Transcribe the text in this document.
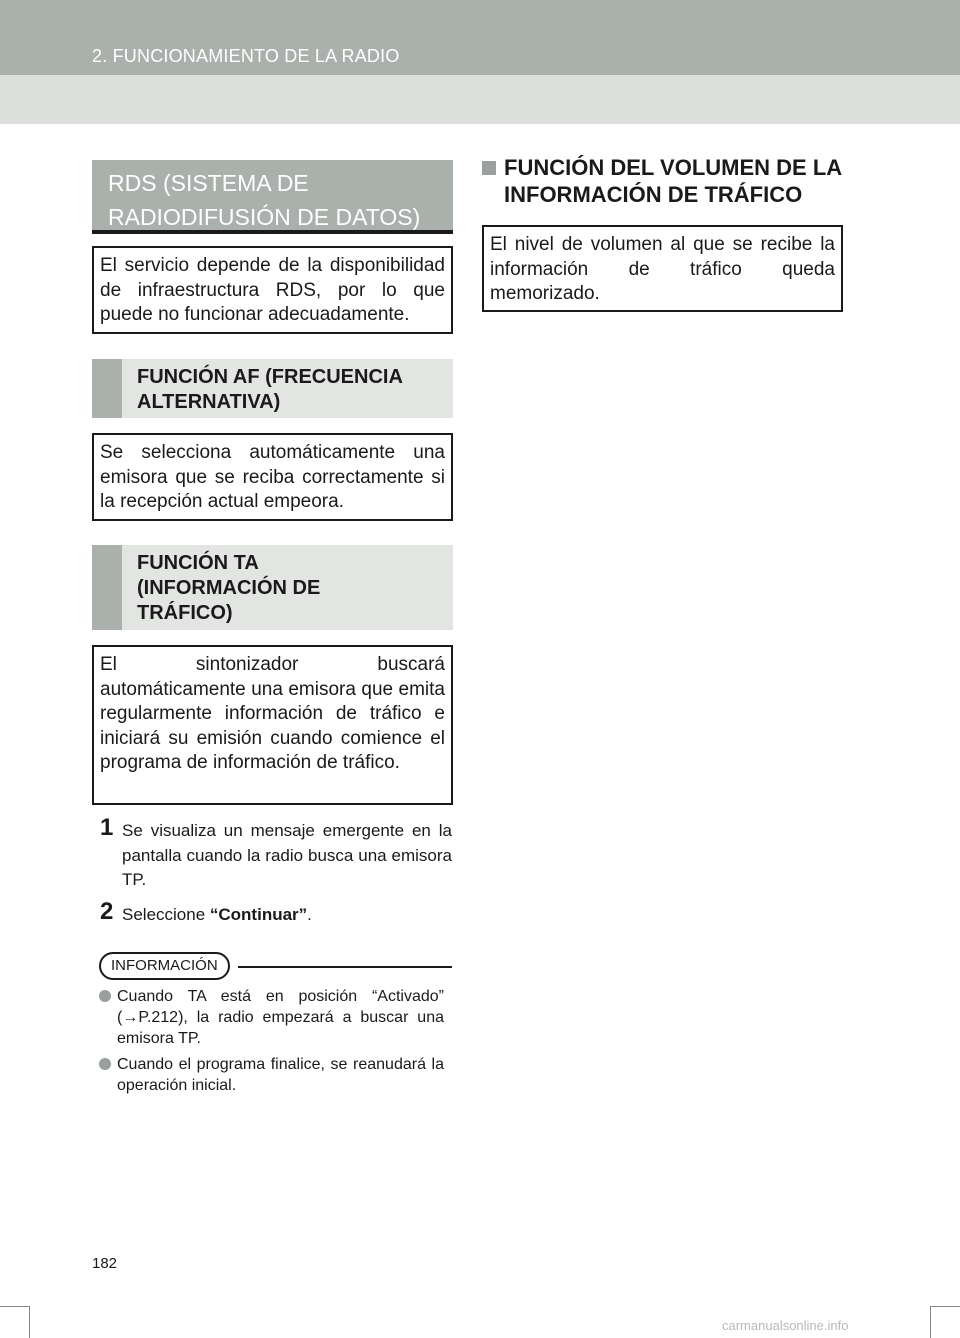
2. FUNCIONAMIENTO DE LA RADIO
RDS (SISTEMA DE RADIODIFUSIÓN DE DATOS)
El servicio depende de la disponibilidad de infraestructura RDS, por lo que puede no funcionar adecuadamente.
FUNCIÓN AF (FRECUENCIA ALTERNATIVA)
Se selecciona automáticamente una emisora que se reciba correctamente si la recepción actual empeora.
FUNCIÓN TA (INFORMACIÓN DE TRÁFICO)
El sintonizador buscará automáticamente una emisora que emita regularmente información de tráfico e iniciará su emisión cuando comience el programa de información de tráfico.
1 Se visualiza un mensaje emergente en la pantalla cuando la radio busca una emisora TP.
2 Seleccione “Continuar”.
INFORMACIÓN
Cuando TA está en posición “Activado” (→P.212), la radio empezará a buscar una emisora TP.
Cuando el programa finalice, se reanudará la operación inicial.
FUNCIÓN DEL VOLUMEN DE LA INFORMACIÓN DE TRÁFICO
El nivel de volumen al que se recibe la información de tráfico queda memorizado.
182
carmanualsonline.info
